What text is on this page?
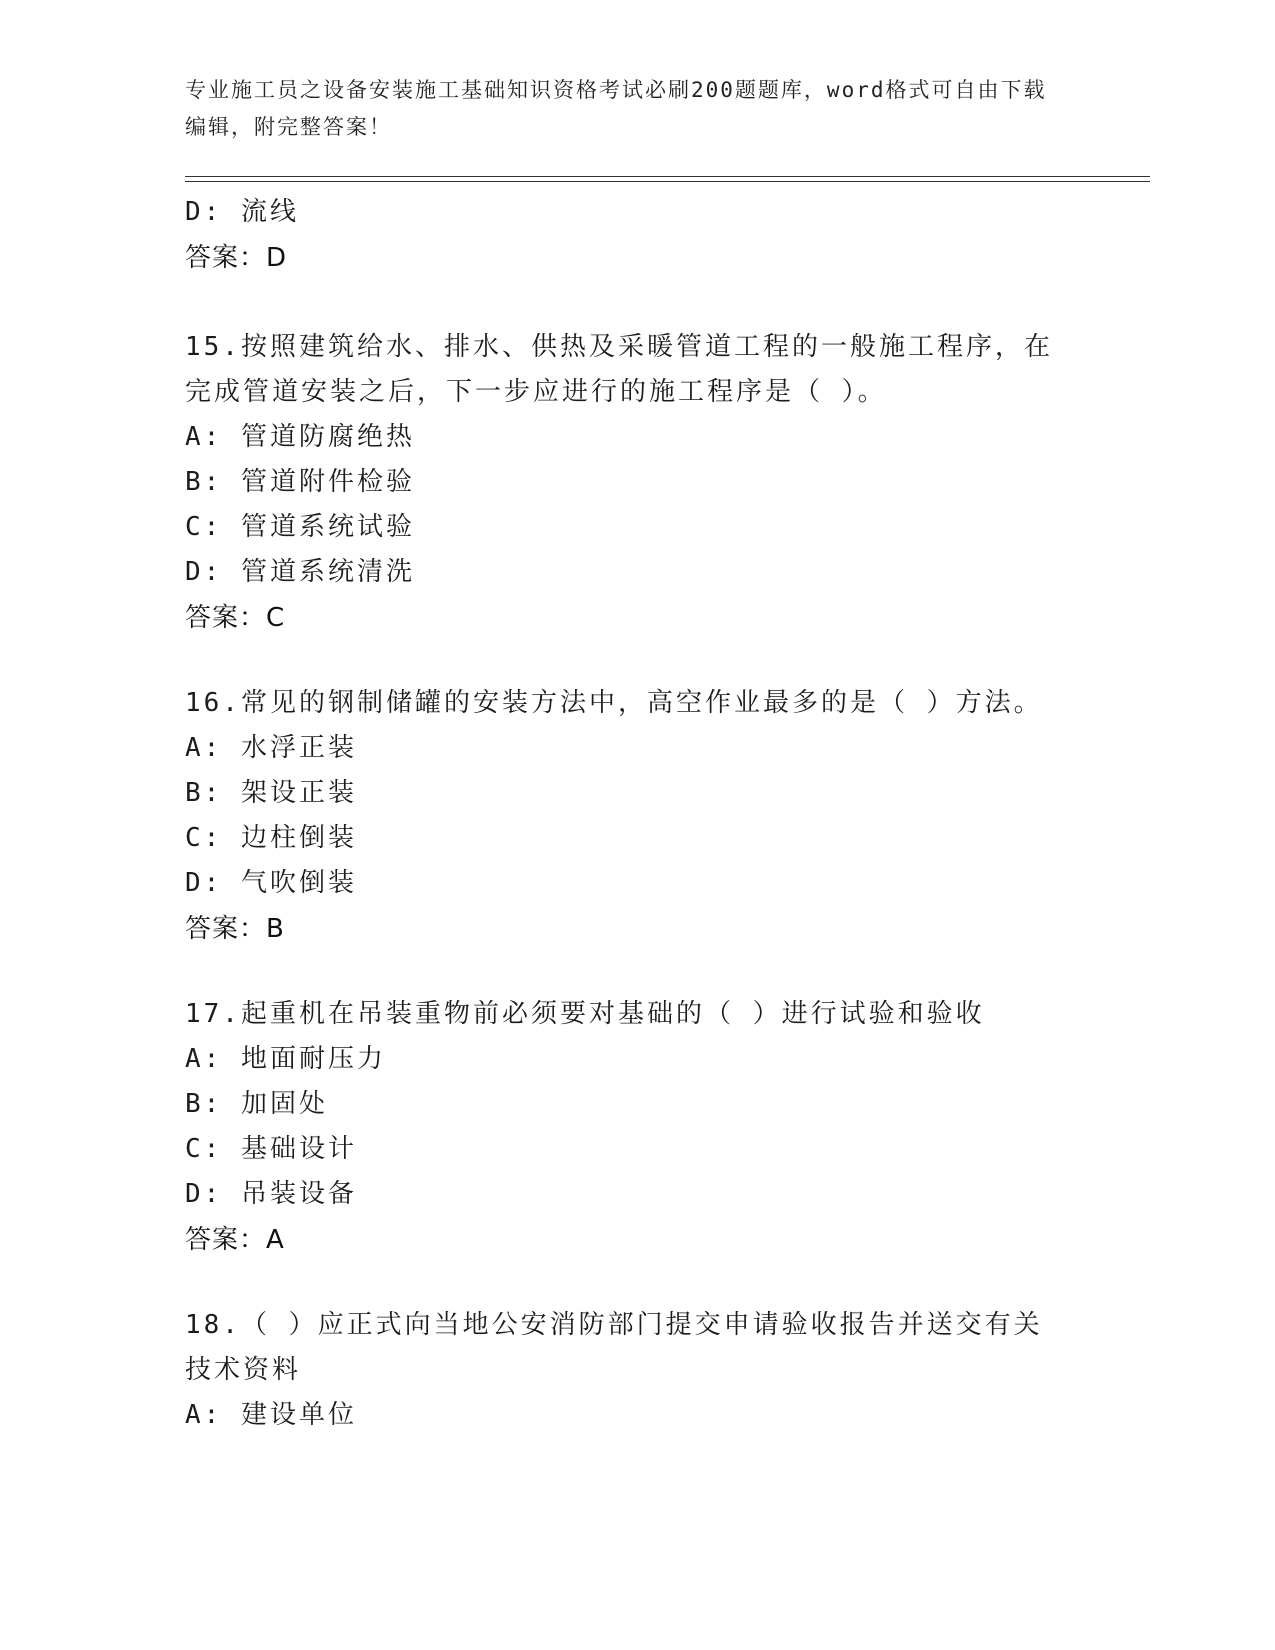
专业施工员之设备安装施工基础知识资格考试必刷200题题库，word格式可自由下载编辑，附完整答案！
D: 流线
答案：D
15.按照建筑给水、排水、供热及采暖管道工程的一般施工程序，在完成管道安装之后，下一步应进行的施工程序是（ ）。
A: 管道防腐绝热
B: 管道附件检验
C: 管道系统试验
D: 管道系统清洗
答案：C
16.常见的钢制储罐的安装方法中，高空作业最多的是（ ）方法。
A: 水浮正装
B: 架设正装
C: 边柱倒装
D: 气吹倒装
答案：B
17.起重机在吊装重物前必须要对基础的（ ）进行试验和验收
A: 地面耐压力
B: 加固处
C: 基础设计
D: 吊装设备
答案：A
18.（ ）应正式向当地公安消防部门提交申请验收报告并送交有关技术资料
A: 建设单位
